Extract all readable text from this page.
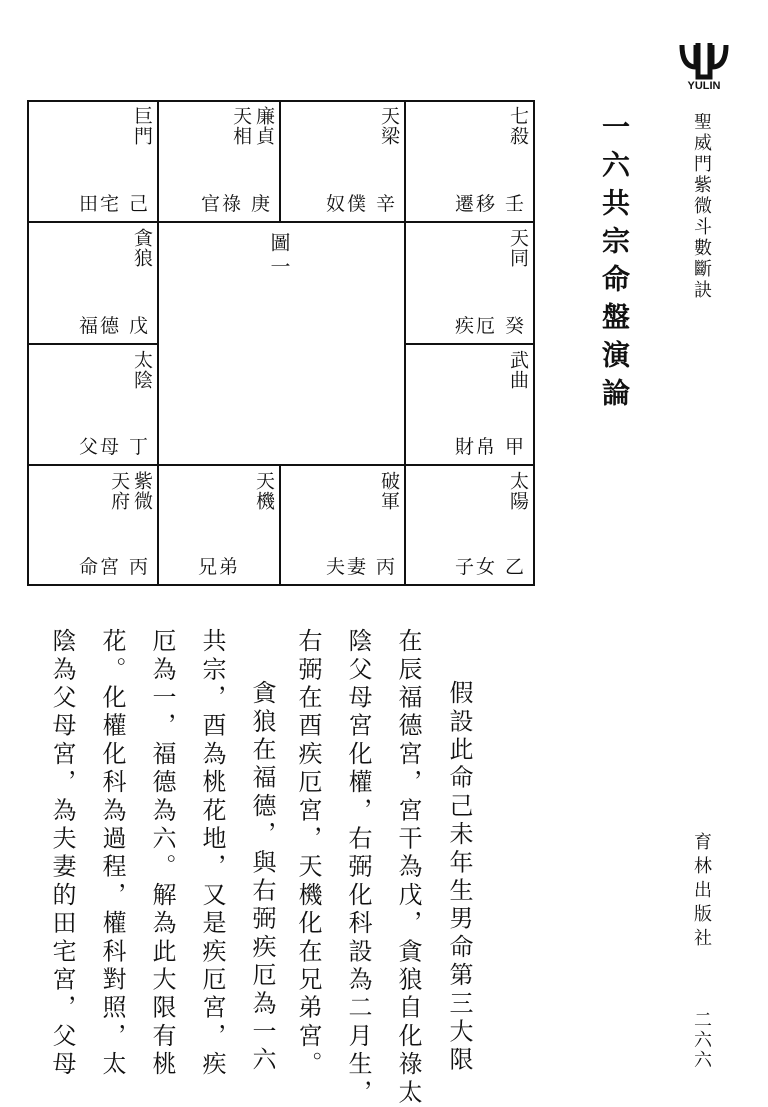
YULIN
聖威門紫微斗數斷訣
一六共宗命盤演論
育林出版社
二六六
巨門
田宅 己
廉貞
天相
官祿 庚
天梁
奴僕 辛
七殺
遷移 壬
貪狼
福德 戊
天同
疾厄 癸
太陰
父母 丁
武曲
財帛 甲
紫微
天府
命宮 丙
天機
兄弟
破軍
夫妻 丙
太陽
子女 乙
圖一
假設此命己未年生男命第三大限
在辰福德宮，宮干為戊，貪狼自化祿太
陰父母宮化權，右弼化科設為二月生，
右弼在酉疾厄宮，天機化在兄弟宮。
貪狼在福德，與右弼疾厄為一六
共宗，酉為桃花地，又是疾厄宮，疾
厄為一，福德為六。解為此大限有桃
花。化權化科為過程，權科對照，太
陰為父母宮，為夫妻的田宅宮，父母
